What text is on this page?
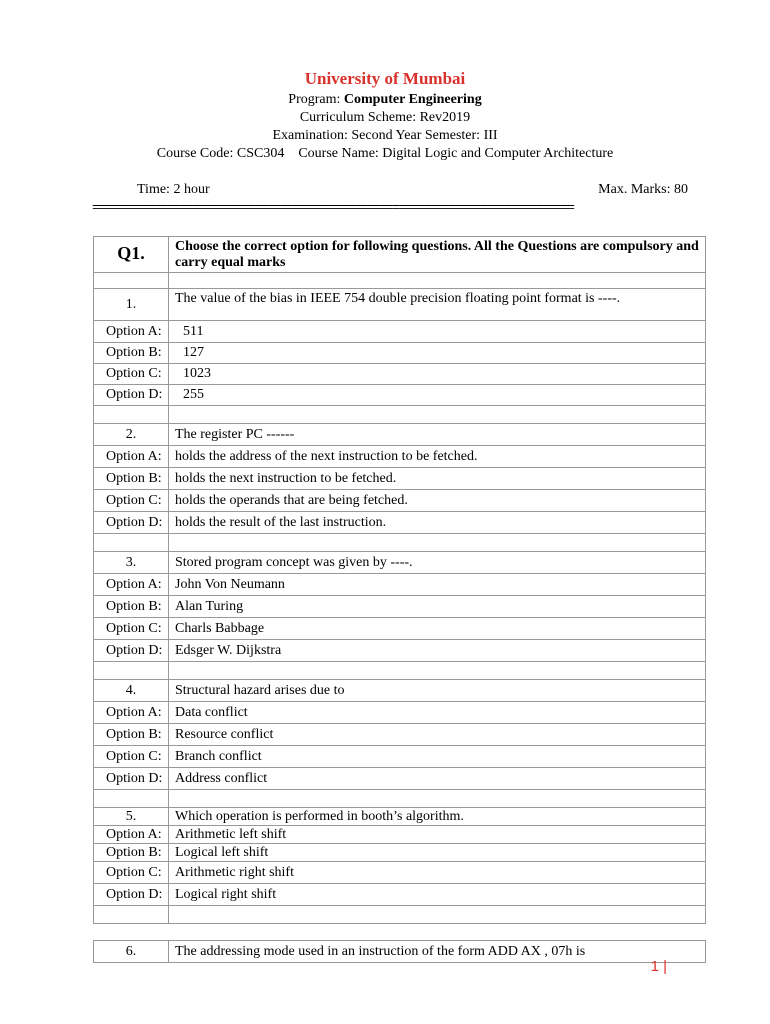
University of Mumbai
Program: Computer Engineering
Curriculum Scheme: Rev2019
Examination: Second Year Semester: III
Course Code: CSC304    Course Name: Digital Logic and Computer Architecture
Time: 2 hour	Max. Marks: 80
=============================================================================
Q1.	Choose the correct option for following questions. All the Questions are compulsory and carry equal marks

1.	The value of the bias in IEEE 754 double precision floating point format is ----.
Option A:	511
Option B:	127
Option C:	1023
Option D:	255

2.	The register PC ------
Option A:	holds the address of the next instruction to be fetched.
Option B:	holds the next instruction to be fetched.
Option C:	holds the operands that are being fetched.
Option D:	holds the result of the last instruction.

3.	Stored program concept was given by ----.
Option A:	John Von Neumann
Option B:	Alan Turing
Option C:	Charls Babbage
Option D:	Edsger W. Dijkstra

4.	Structural hazard arises due to
Option A:	Data conflict
Option B:	Resource conflict
Option C:	Branch conflict
Option D:	Address conflict

5.	Which operation is performed in booth’s algorithm.
Option A:	Arithmetic left shift
Option B:	Logical left shift
Option C:	Arithmetic right shift
Option D:	Logical right shift

6.	The addressing mode used in an instruction of the form ADD AX , 07h is
1 |
